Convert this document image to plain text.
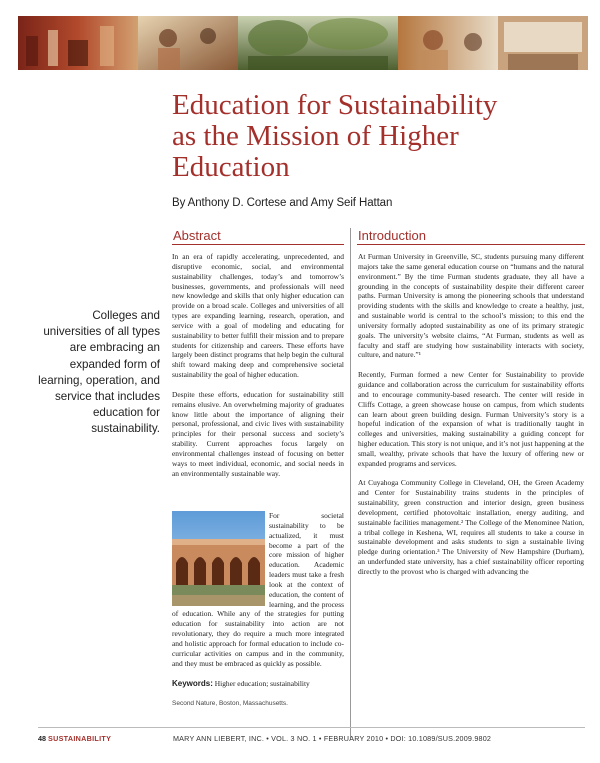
Education for Sustainability
as the Mission of Higher
Education

By Anthony D. Cortese and Amy Seif Hattan

Abstract	Introduction

Colleges and universities of all types are embracing an expanded form of learning, operation, and service that includes education for sustainability.

In an era of rapidly accelerating, unprecedented, and disruptive economic, social, and environmental sustainability challenges, today’s and tomorrow’s businesses, governments, and professionals will need new knowledge and skills that only higher education can provide on a broad scale. Colleges and universities of all types are expanding learning, research, operation, and service with a goal of modeling and educating for sustainability to better fulfill their mission and to prepare students for citizenship and careers. These efforts have largely been distinct programs that help begin the cultural shift toward making deep and comprehensive societal sustainability the goal of higher education.

Despite these efforts, education for sustainability still remains elusive. An overwhelming majority of graduates know little about the importance of aligning their personal, professional, and civic lives with sustainability principles for their personal success and society’s stability. Current approaches focus largely on environmental challenges instead of focusing on better ways to meet individual, economic, and social needs in an environmentally sustainable way.

For societal sustainability to be actualized, it must become a part of the core mission of higher education. Academic leaders must take a fresh look at the context of education, the content of learning, and the process of education. While any of the strategies for putting education for sustainability into action are not revolutionary, they do require a much more integrated and holistic approach for formal education to include co-curricular activities on campus and in the community, and they must be embraced as quickly as possible.
Keywords: Higher education; sustainability

Second Nature, Boston, Massachusetts.

At Furman University in Greenville, SC, students pursuing many different majors take the same general education course on “humans and the natural environment.” By the time Furman students graduate, they all have a grounding in the concepts of sustainability despite their different career paths. Furman University is among the pioneering schools that understand providing students with the skills and knowledge to create a healthy, just, and sustainable world is central to the school’s mission; to this end the university formally adopted sustainability as one of its primary strategic goals. The university’s website claims, “At Furman, students as well as faculty and staff are studying how sustainability interacts with society, culture, and nature.”¹

Recently, Furman formed a new Center for Sustainability to provide guidance and collaboration across the curriculum for sustainability efforts and to encourage community-based research. The center will reside in Cliffs Cottage, a green showcase house on campus, from which students can learn about green building design. Furman University’s story is a hopeful indication of the expansion of what is traditionally taught in colleges and universities, making sustainability a guiding concept for higher education. This story is not unique, and it’s not just happening at the small, wealthy, private schools that have the luxury of offering new or expanded programs and services.

At Cuyahoga Community College in Cleveland, OH, the Green Academy and Center for Sustainability trains students in the principles of sustainability, green construction and interior design, green business development, certified photovoltaic installation, energy auditing, and sustainable facilities management.² The College of the Menominee Nation, a tribal college in Keshena, WI, requires all students to take a course in sustainable development and asks students to sign a sustainable living pledge during orientation.³ The University of New Hampshire (Durham), an underfunded state university, has a chief sustainability officer reporting directly to the provost who is charged with advancing the

48 SUSTAINABILITY	MARY ANN LIEBERT, INC. • VOL. 3 NO. 1 • FEBRUARY 2010 • DOI: 10.1089/SUS.2009.9802
